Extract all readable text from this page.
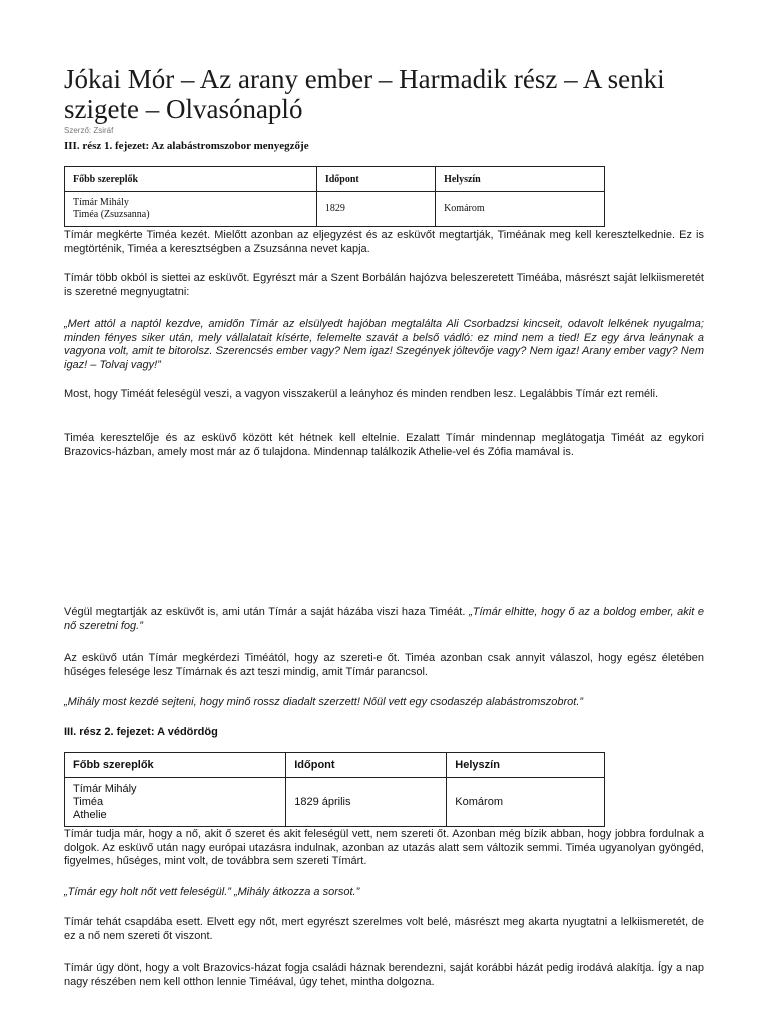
Jókai Mór – Az arany ember – Harmadik rész – A senki szigete – Olvasónapló
Szerző: Zsiráf
III. rész 1. fejezet: Az alabástromszobor menyegzője
Főbb szereplők	Időpont	Helyszín

Tímár Mihály
Timéa (Zsuzsanna)	1829	Komárom

Tímár megkérte Timéa kezét. Mielőtt azonban az eljegyzést és az esküvőt megtartják, Timéának meg kell keresztelkednie. Ez is megtörténik, Timéa a keresztségben a Zsuzsánna nevet kapja.

Tímár több okból is siettei az esküvőt. Egyrészt már a Szent Borbálán hajózva beleszeretett Timéába, másrészt saját lelkiismeretét is szeretné megnyugtatni:

„Mert attól a naptól kezdve, amidőn Tímár az elsülyedt hajóban megtalálta Ali Csorbadzsi kincseit, odavolt lelkének nyugalma; minden fényes siker után, mely vállalatait kísérte, felemelte szavát a belső vádló: ez mind nem a tied! Ez egy árva leánynak a vagyona volt, amit te bitorolsz. Szerencsés ember vagy? Nem igaz! Szegények jóltevője vagy? Nem igaz! Arany ember vagy? Nem igaz! – Tolvaj vagy!”

Most, hogy Timéát feleségül veszi, a vagyon visszakerül a leányhoz és minden rendben lesz. Legalábbis Tímár ezt reméli.

Timéa keresztelője és az esküvő között két hétnek kell eltelnie. Ezalatt Tímár mindennap meglátogatja Timéát az egykori Brazovics-házban, amely most már az ő tulajdona. Mindennap találkozik Athelie-vel és Zófia mamával is.

Végül megtartják az esküvőt is, ami után Tímár a saját házába viszi haza Timéát. „Tímár elhitte, hogy ő az a boldog ember, akit e nő szeretni fog.”

Az esküvő után Tímár megkérdezi Timéától, hogy az szereti-e őt. Timéa azonban csak annyit válaszol, hogy egész életében hűséges felesége lesz Tímárnak és azt teszi mindig, amit Tímár parancsol.

„Mihály most kezdé sejteni, hogy minő rossz diadalt szerzett! Nőül vett egy csodaszép alabástromszobrot.”

III. rész 2. fejezet: A védördög
Főbb szereplők	Időpont	Helyszín

Tímár Mihály
Timéa
Athelie	1829 április	Komárom

Tímár tudja már, hogy a nő, akit ő szeret és akit feleségül vett, nem szereti őt. Azonban még bízik abban, hogy jobbra fordulnak a dolgok. Az esküvő után nagy európai utazásra indulnak, azonban az utazás alatt sem változik semmi. Timéa ugyanolyan gyöngéd, figyelmes, hűséges, mint volt, de továbbra sem szereti Tímárt.

„Tímár egy holt nőt vett feleségül.” „Mihály átkozza a sorsot.”

Tímár tehát csapdába esett. Elvett egy nőt, mert egyrészt szerelmes volt belé, másrészt meg akarta nyugtatni a lelkiismeretét, de ez a nő nem szereti őt viszont.

Tímár úgy dönt, hogy a volt Brazovics-házat fogja családi háznak berendezni, saját korábbi házát pedig irodává alakítja. Így a nap nagy részében nem kell otthon lennie Timéával, úgy tehet, mintha dolgozna.
